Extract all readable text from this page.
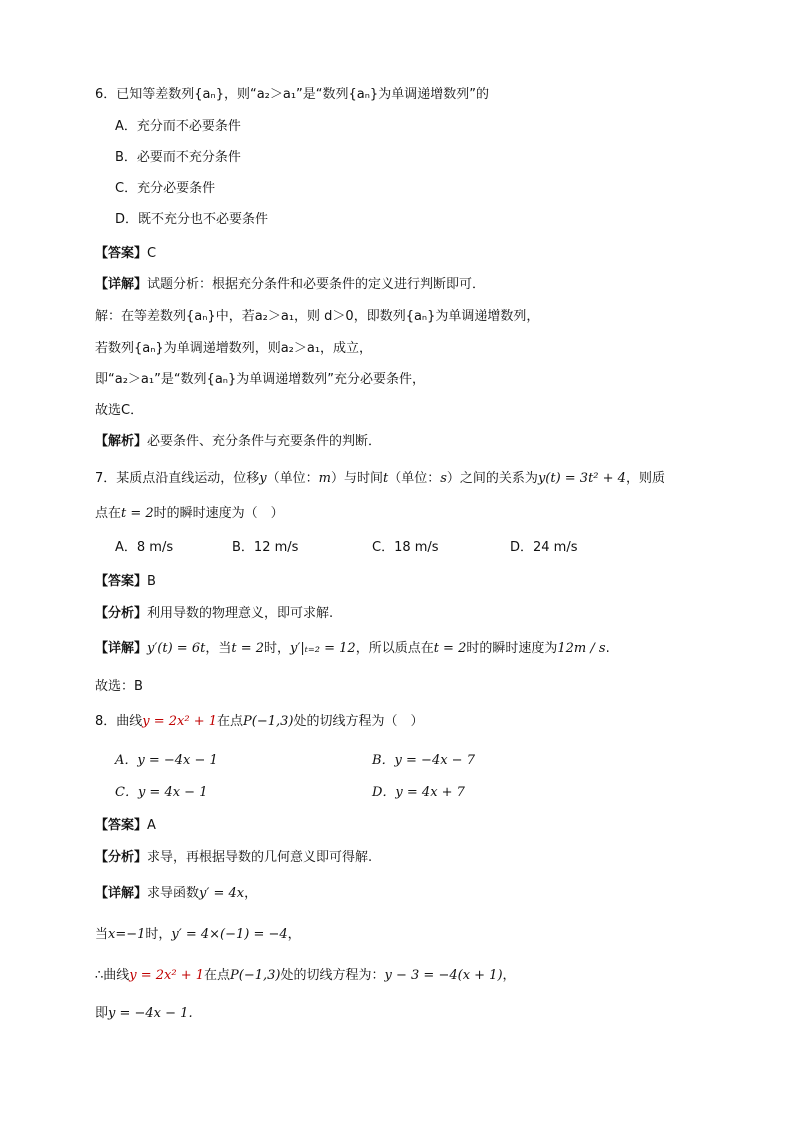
6．已知等差数列{aₙ}，则“a₂＞a₁”是“数列{aₙ}为单调递增数列”的
A．充分而不必要条件
B．必要而不充分条件
C．充分必要条件
D．既不充分也不必要条件
【答案】C
【详解】试题分析：根据充分条件和必要条件的定义进行判断即可．
解：在等差数列{aₙ}中，若a₂＞a₁，则 d＞0，即数列{aₙ}为单调递增数列，
若数列{aₙ}为单调递增数列，则a₂＞a₁，成立，
即“a₂＞a₁”是“数列{aₙ}为单调递增数列”充分必要条件，
故选C．
【解析】必要条件、充分条件与充要条件的判断．
7．某质点沿直线运动，位移y（单位：m）与时间t（单位：s）之间的关系为y(t) = 3t² + 4，则质
点在t = 2时的瞬时速度为（　）
A．8 m/s	B．12 m/s	C．18 m/s	D．24 m/s
【答案】B
【分析】利用导数的物理意义，即可求解.
【详解】y′(t) = 6t，当t = 2时，y′|ₜ₌₂ = 12，所以质点在t = 2时的瞬时速度为12m / s.
故选：B
8．曲线y = 2x² + 1在点P(−1,3)处的切线方程为（　）
A．y = −4x − 1	B．y = −4x − 7
C．y = 4x − 1	D．y = 4x + 7
【答案】A
【分析】求导，再根据导数的几何意义即可得解.
【详解】求导函数y′ = 4x，
当x=−1时，y′ = 4×(−1) = −4，
∴曲线y = 2x² + 1在点P(−1,3)处的切线方程为：y − 3 = −4(x + 1)，
即y = −4x − 1.
